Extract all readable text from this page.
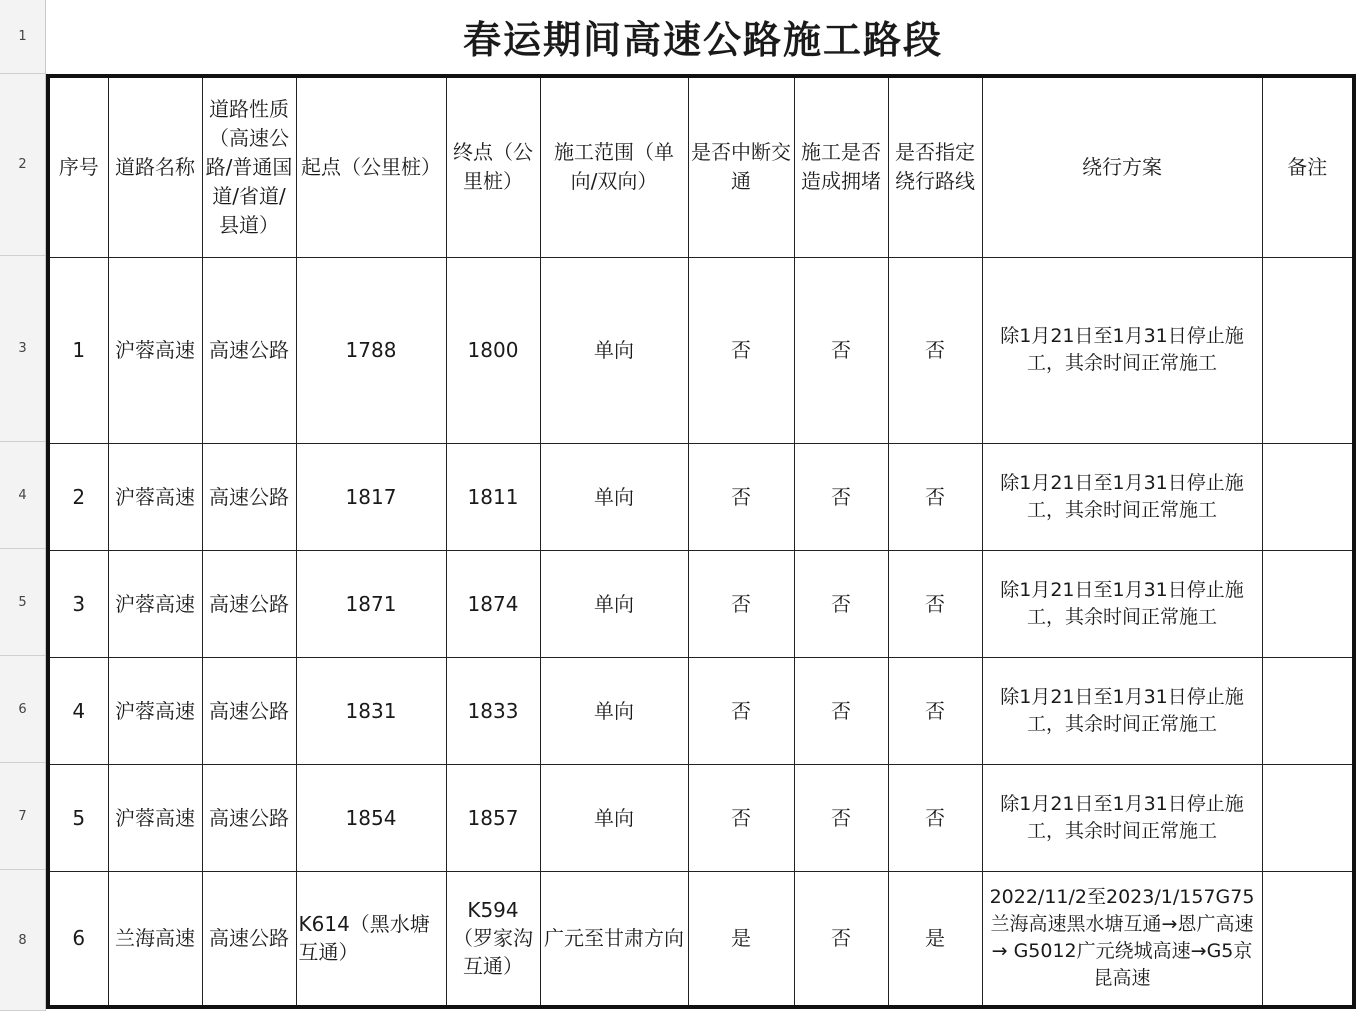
1
2
3
4
5
6
7
8
春运期间高速公路施工路段
序号	道路名称	道路性质（高速公路/普通国道/省道/县道）	起点（公里桩）	终点（公里桩）	施工范围（单向/双向）	是否中断交通	施工是否造成拥堵	是否指定绕行路线	绕行方案	备注
1	沪蓉高速	高速公路	1788	1800	单向	否	否	否	除1月21日至1月31日停止施工，其余时间正常施工	
2	沪蓉高速	高速公路	1817	1811	单向	否	否	否	除1月21日至1月31日停止施工，其余时间正常施工	
3	沪蓉高速	高速公路	1871	1874	单向	否	否	否	除1月21日至1月31日停止施工，其余时间正常施工	
4	沪蓉高速	高速公路	1831	1833	单向	否	否	否	除1月21日至1月31日停止施工，其余时间正常施工	
5	沪蓉高速	高速公路	1854	1857	单向	否	否	否	除1月21日至1月31日停止施工，其余时间正常施工	
6	兰海高速	高速公路	K614（黑水塘互通）	K594（罗家沟互通）	广元至甘肃方向	是	否	是	2022/11/2至2023/1/157G75兰海高速黑水塘互通→恩广高速→ G5012广元绕城高速→G5京昆高速	
